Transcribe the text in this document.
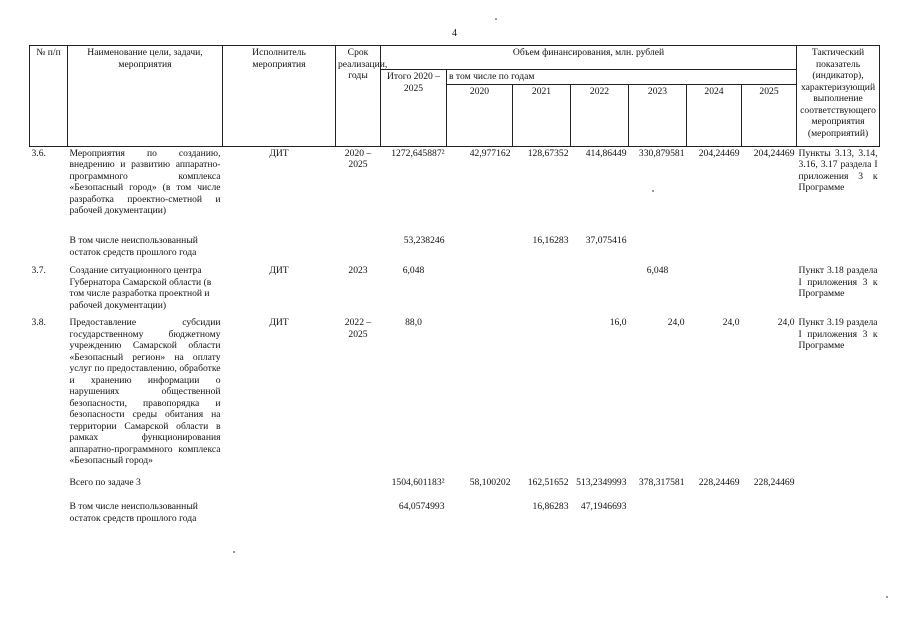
4
№ п/п	Наименование цели, задачи, мероприятия	Исполнитель мероприятия	Срок реализации, годы	Объем финансирования, млн. рублей							Тактический показатель (индикатор), характеризующий выполнение соответствующего мероприятия (мероприятий)
				Итого 2020 – 2025	в том числе по годам						
					2020	2021	2022	2023	2024	2025	
3.6.	Мероприятия по созданию, внедрению и развитию аппаратно-программного комплекса «Безопасный город» (в том числе разработка проектно-сметной и рабочей документации)	ДИТ	2020 – 2025	1272,645887²	42,977162	128,67352	414,86449	330,879581	204,24469	204,24469	Пункты 3.13, 3.14, 3.16, 3.17 раздела I приложения 3 к Программе
	В том числе неиспользованный остаток средств прошлого года			53,238246		16,16283	37,075416				
3.7.	Создание ситуационного центра Губернатора Самарской области (в том числе разработка проектной и рабочей документации)	ДИТ	2023	6,048				6,048			Пункт 3.18 раздела I приложения 3 к Программе
3.8.	Предоставление субсидии государственному бюджетному учреждению Самарской области «Безопасный регион» на оплату услуг по предоставлению, обработке и хранению информации о нарушениях общественной безопасности, правопорядка и безопасности среды обитания на территории Самарской области в рамках функционирования аппаратно-программного комплекса «Безопасный город»	ДИТ	2022 – 2025	88,0			16,0	24,0	24,0	24,0	Пункт 3.19 раздела I приложения 3 к Программе
	Всего по задаче 3			1504,601183²	58,100202	162,51652	513,2349993	378,317581	228,24469	228,24469	
	В том числе неиспользованный остаток средств прошлого года			64,0574993		16,86283	47,1946693				
